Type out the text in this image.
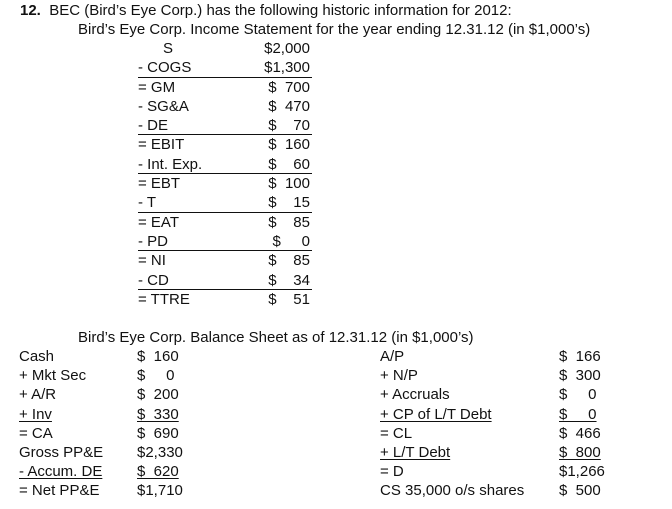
12. BEC (Bird’s Eye Corp.) has the following historic information for 2012:
Bird’s Eye Corp. Income Statement for the year ending 12.31.12 (in $1,000’s)
S	$2,000
- COGS	$1,300
= GM	$  700
- SG&A	$  470
- DE	$    70
= EBIT	$  160
- Int. Exp.	$    60
= EBT	$  100
- T	$    15
= EAT	$    85
- PD	$     0
= NI	$    85
- CD	$    34
= TTRE	$    51
Bird’s Eye Corp. Balance Sheet as of 12.31.12 (in $1,000’s)
Cash	$  160
+ Mkt Sec	$     0
+ A/R	$  200
+ Inv	$  330
= CA	$  690
Gross PP&E $2,330
- Accum. DE $  620
= Net PP&E	$1,710
A/P	$  166
+ N/P	$  300
+ Accruals	$     0
+ CP of L/T Debt	$     0
= CL	$  466
+ L/T Debt	$  800
= D	$1,266
CS 35,000 o/s shares $  500
